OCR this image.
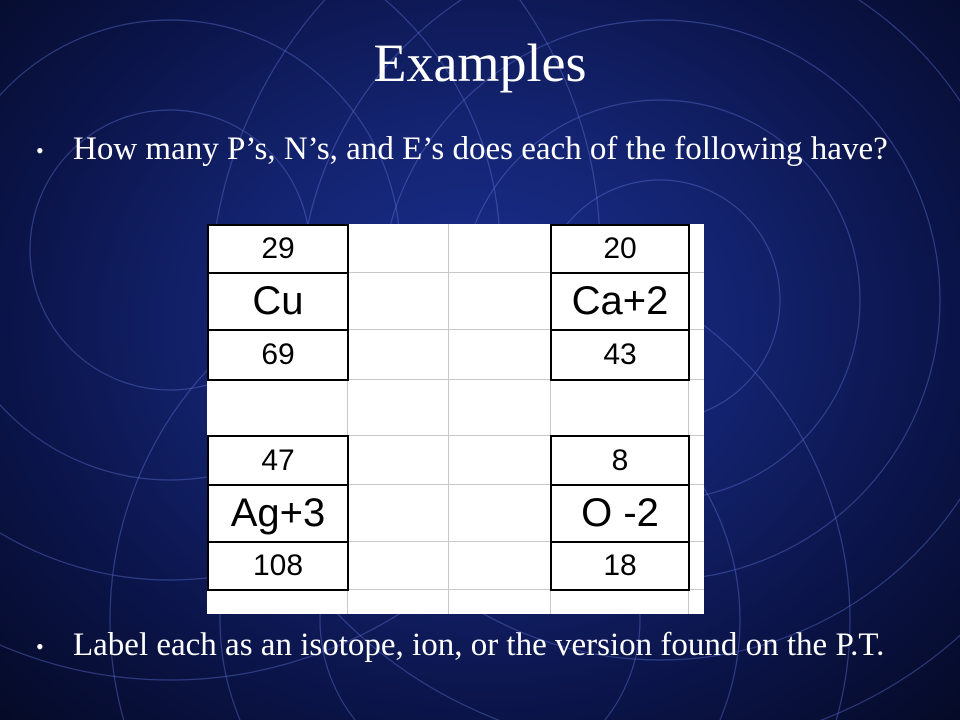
Examples
• How many P’s, N’s, and E’s does each of the following have?
29
Cu
69
20
Ca+2
43
47
Ag+3
108
8
O -2
18
• Label each as an isotope, ion, or the version found on the P.T.
